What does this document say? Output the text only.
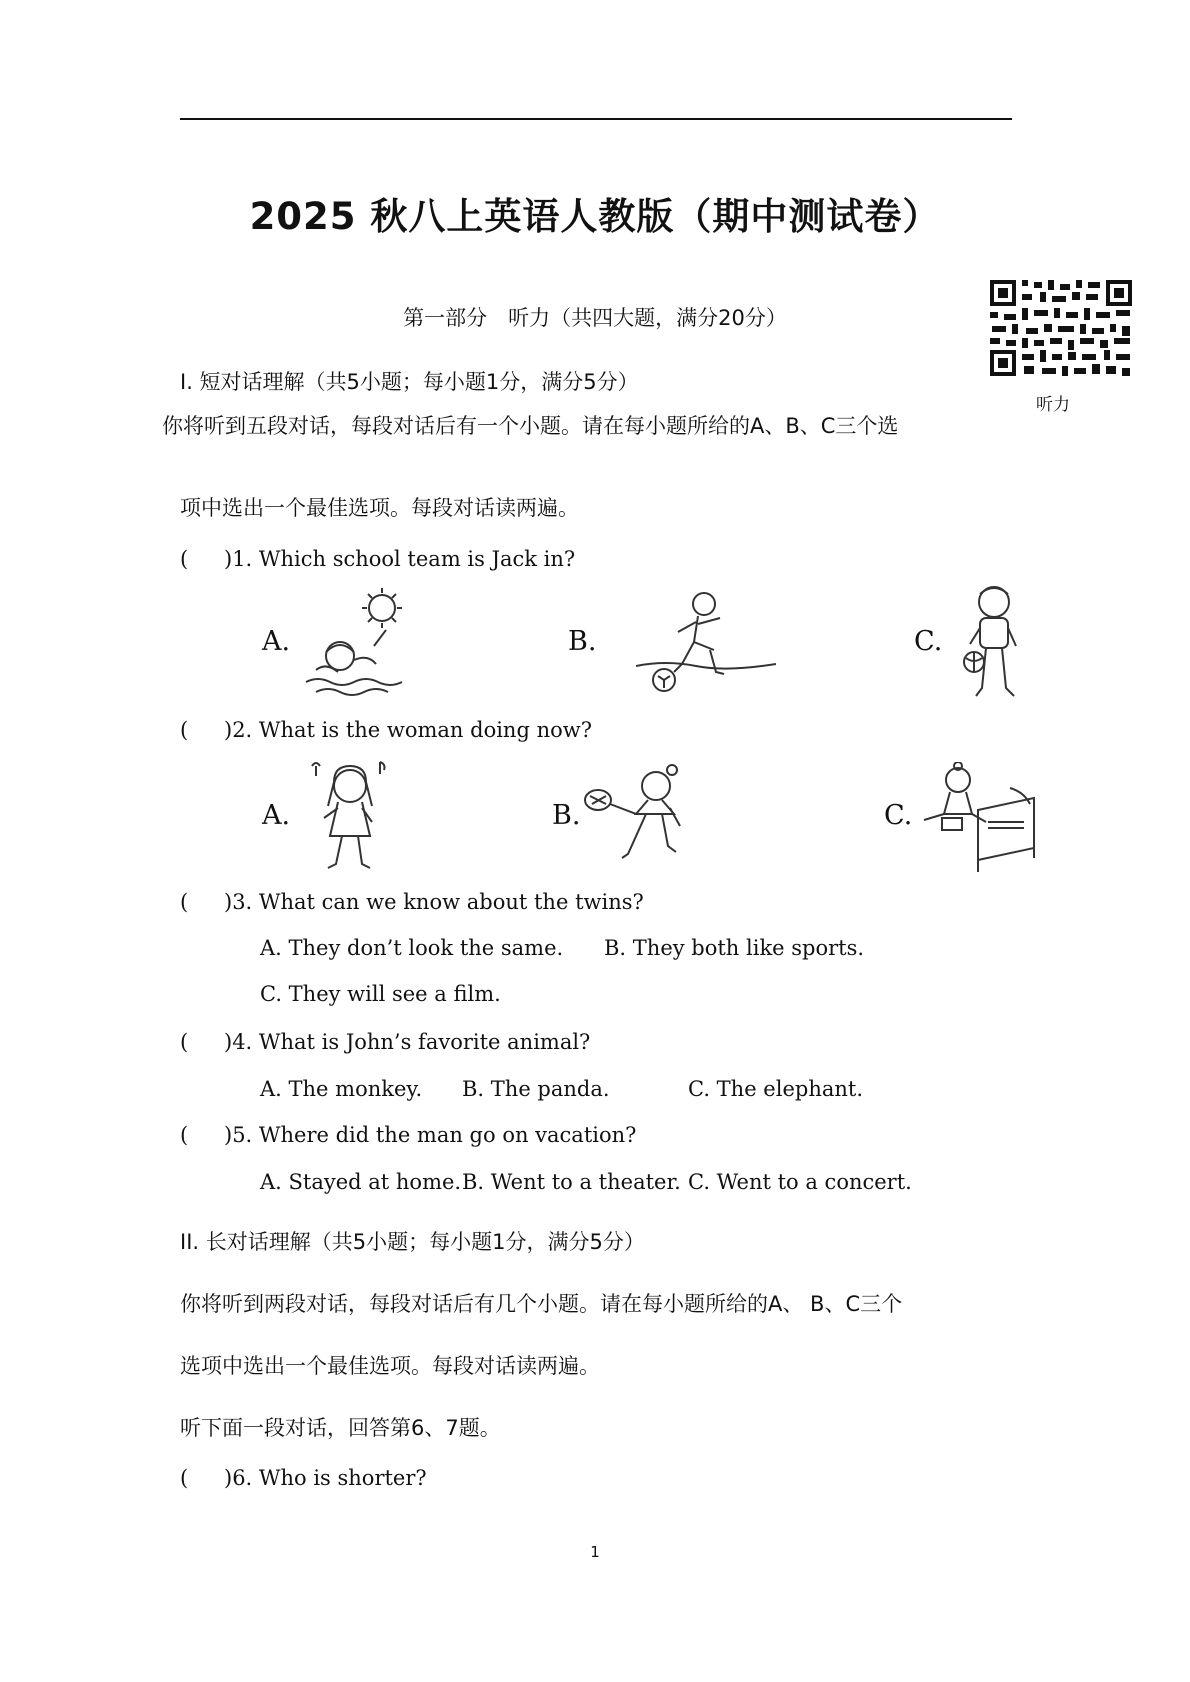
2025 秋八上英语人教版（期中测试卷）
第一部分　听力（共四大题，满分20分）
听力
I. 短对话理解（共5小题；每小题1分，满分5分）
你将听到五段对话，每段对话后有一个小题。请在每小题所给的A、B、C三个选
项中选出一个最佳选项。每段对话读两遍。
( )1. Which school team is Jack in?
A.	B.	C.
( )2. What is the woman doing now?
A.	B.	C.
( )3. What can we know about the twins?
A. They don’t look the same. B. They both like sports.
C. They will see a film.
( )4. What is John’s favorite animal?
A. The monkey. B. The panda.	C. The elephant.
( )5. Where did the man go on vacation?
A. Stayed at home. B. Went to a theater. C. Went to a concert.
II. 长对话理解（共5小题；每小题1分，满分5分）
你将听到两段对话，每段对话后有几个小题。请在每小题所给的A、 B、C三个
选项中选出一个最佳选项。每段对话读两遍。
听下面一段对话，回答第6、7题。
( )6. Who is shorter?
1
